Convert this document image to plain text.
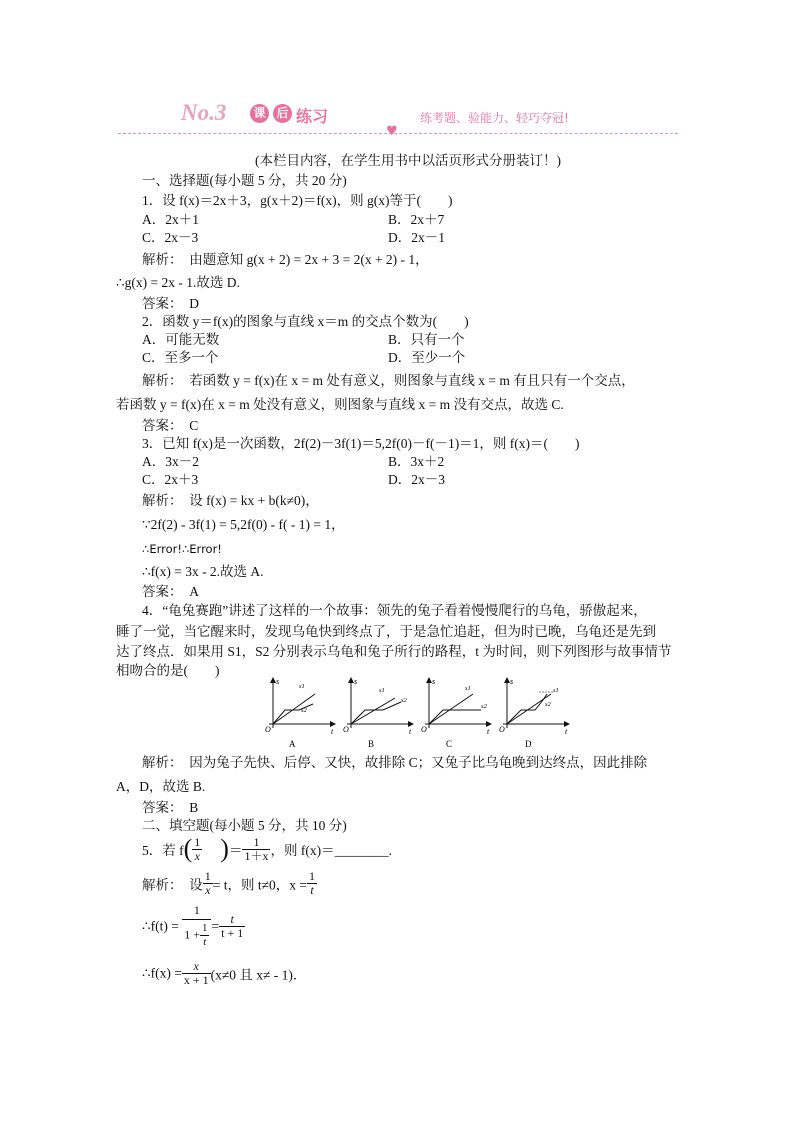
No.3 课 后 练习	练考题、验能力、轻巧夺冠!
♥
(本栏目内容，在学生用书中以活页形式分册装订！)
一、选择题(每小题 5 分，共 20 分)
1．设 f(x)＝2x＋3，g(x＋2)＝f(x)，则 g(x)等于(　　)
A．2x＋1	B．2x＋7
C．2x－3	D．2x－1
解析：　由题意知 g(x + 2) = 2x + 3 = 2(x + 2) - 1，
∴g(x) = 2x - 1.故选 D.
答案：　D
2．函数 y＝f(x)的图象与直线 x＝m 的交点个数为(　　)
A．可能无数	B．只有一个
C．至多一个	D．至少一个
解析：　若函数 y = f(x)在 x = m 处有意义，则图象与直线 x = m 有且只有一个交点，
若函数 y = f(x)在 x = m 处没有意义，则图象与直线 x = m 没有交点，故选 C.
答案：　C
3．已知 f(x)是一次函数，2f(2)－3f(1)＝5,2f(0)－f(－1)＝1，则 f(x)＝(　　)
A．3x－2	B．3x＋2
C．2x＋3	D．2x－3
解析：　设 f(x) = kx + b(k≠0)，
∵2f(2) - 3f(1) = 5,2f(0) - f( - 1) = 1，
∴Error!∴Error!
∴f(x) = 3x - 2.故选 A.
答案：　A
4．“龟兔赛跑”讲述了这样的一个故事：领先的兔子看着慢慢爬行的乌龟，骄傲起来，
睡了一觉，当它醒来时，发现乌龟快到终点了，于是急忙追赶，但为时已晚，乌龟还是先到
达了终点．如果用 S1，S2 分别表示乌龟和兔子所行的路程，t 为时间，则下列图形与故事情节
相吻合的是(　　)
s
t
O
s1
s2
A
s
t
O
s1
s2
B
s
t
O
s1
s2
C
s
t
O
s1
s2
D
解析：　因为兔子先快、后停、又快，故排除 C；又兔子比乌龟晚到达终点，因此排除
A，D，故选 B.
答案：　B
二、填空题(每小题 5 分，共 10 分)
5．若 $f( \frac{1}{x}$ )＝ $\frac{1}{1+x}$ ，则 f(x)＝________.
解析：　设 $\frac{1}{x} = t$，则 t≠0，$x = \frac{1}{t}$
∴f(t) = $\frac{1}{1 + \frac{1}{t}} = \frac{t}{t + 1}$
∴f(x) = $\frac{x}{x + 1} (x\ne 0$ 且 x≠ - 1)．
